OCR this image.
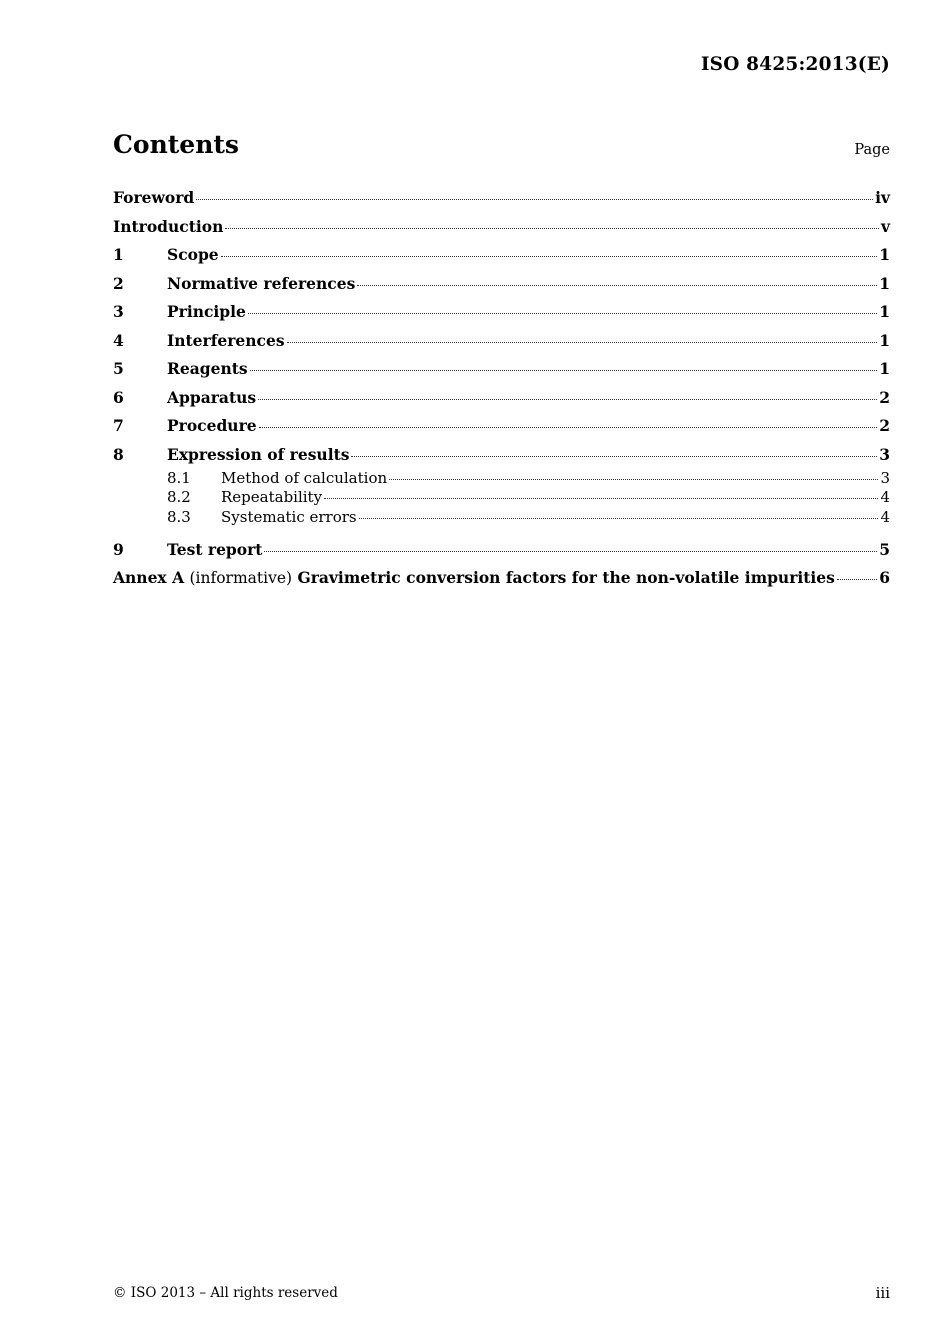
ISO 8425:2013(E)
Contents	Page
Foreword	iv
Introduction	v
1	Scope	1
2	Normative references	1
3	Principle	1
4	Interferences	1
5	Reagents	1
6	Apparatus	2
7	Procedure	2
8	Expression of results	3
8.1	Method of calculation	3
8.2	Repeatability	4
8.3	Systematic errors	4
9	Test report	5
Annex A (informative) Gravimetric conversion factors for the non-volatile impurities	6
© ISO 2013 – All rights reserved	iii
